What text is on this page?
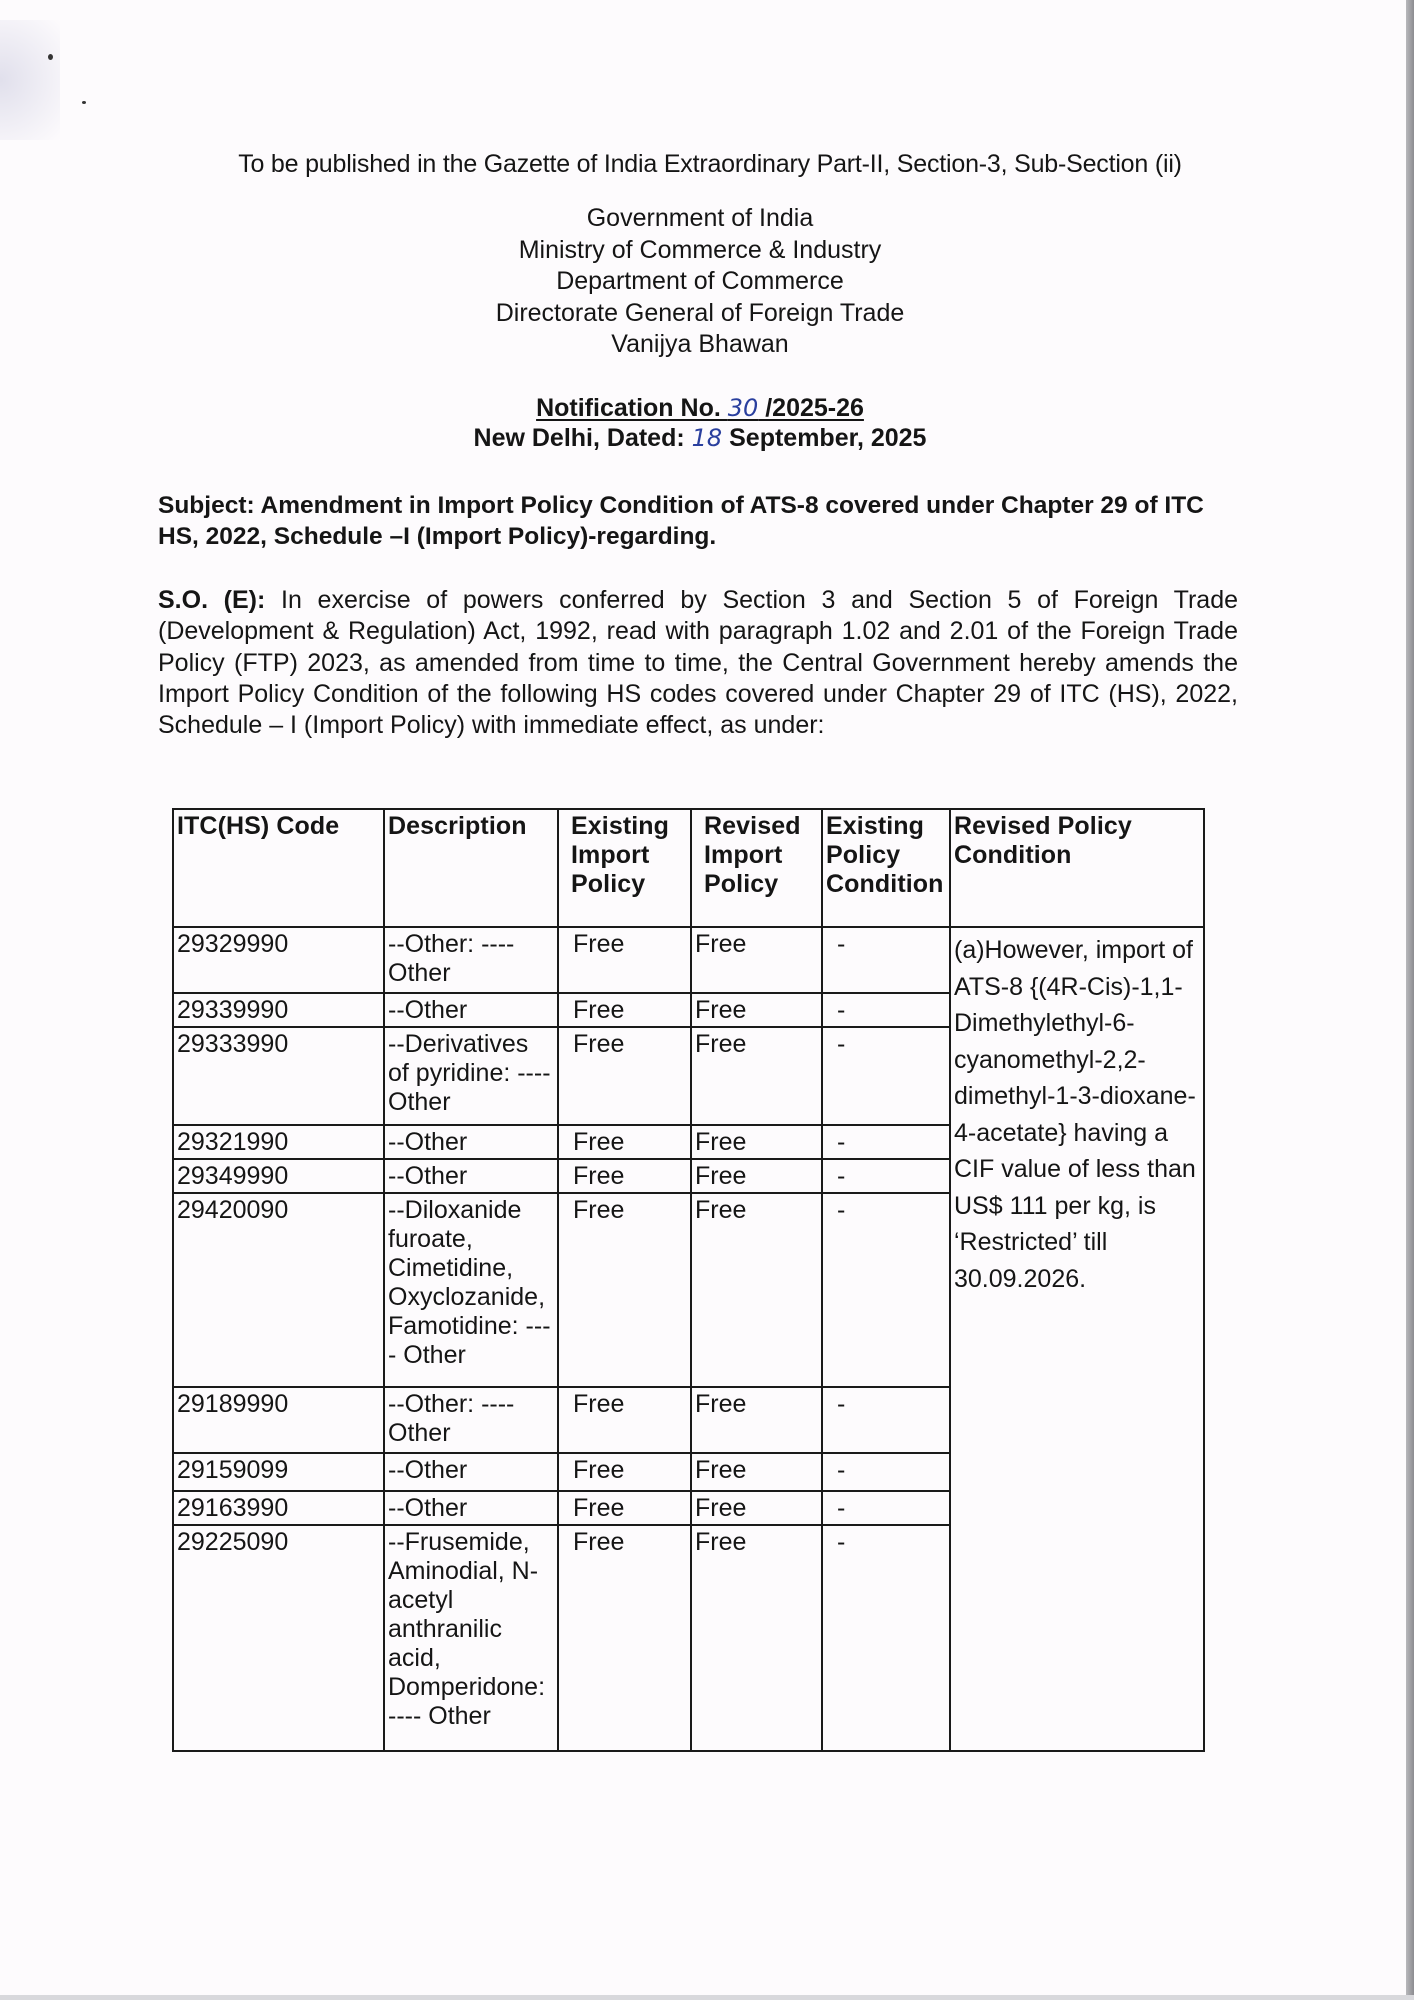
To be published in the Gazette of India Extraordinary Part-II, Section-3, Sub-Section (ii)
Government of India
Ministry of Commerce & Industry
Department of Commerce
Directorate General of Foreign Trade
Vanijya Bhawan
Notification No. 30 /2025-26
New Delhi, Dated: 18 September, 2025
Subject: Amendment in Import Policy Condition of ATS-8 covered under Chapter 29 of ITC HS, 2022, Schedule –I (Import Policy)-regarding.
S.O. (E): In exercise of powers conferred by Section 3 and Section 5 of Foreign Trade (Development & Regulation) Act, 1992, read with paragraph 1.02 and 2.01 of the Foreign Trade Policy (FTP) 2023, as amended from time to time, the Central Government hereby amends the Import Policy Condition of the following HS codes covered under Chapter 29 of ITC (HS), 2022, Schedule – I (Import Policy) with immediate effect, as under:
ITC(HS) Code	Description	Existing Import Policy	Revised Import Policy	Existing Policy Condition	Revised Policy Condition
29329990	--Other: ---- Other	Free	Free	-	(a)However, import of ATS-8 {(4R-Cis)-1,1-Dimethylethyl-6-cyanomethyl-2,2-dimethyl-1-3-dioxane-4-acetate} having a CIF value of less than US$ 111 per kg, is ‘Restricted’ till 30.09.2026.
29339990	--Other	Free	Free	-	
29333990	--Derivatives of pyridine: ---- Other	Free	Free	-	
29321990	--Other	Free	Free	-	
29349990	--Other	Free	Free	-	
29420090	--Diloxanide furoate, Cimetidine, Oxyclozanide, Famotidine: --- - Other	Free	Free	-	
29189990	--Other: ---- Other	Free	Free	-	
29159099	--Other	Free	Free	-	
29163990	--Other	Free	Free	-	
29225090	--Frusemide, Aminodial, N-acetyl anthranilic acid, Domperidone: ---- Other	Free	Free	-	
